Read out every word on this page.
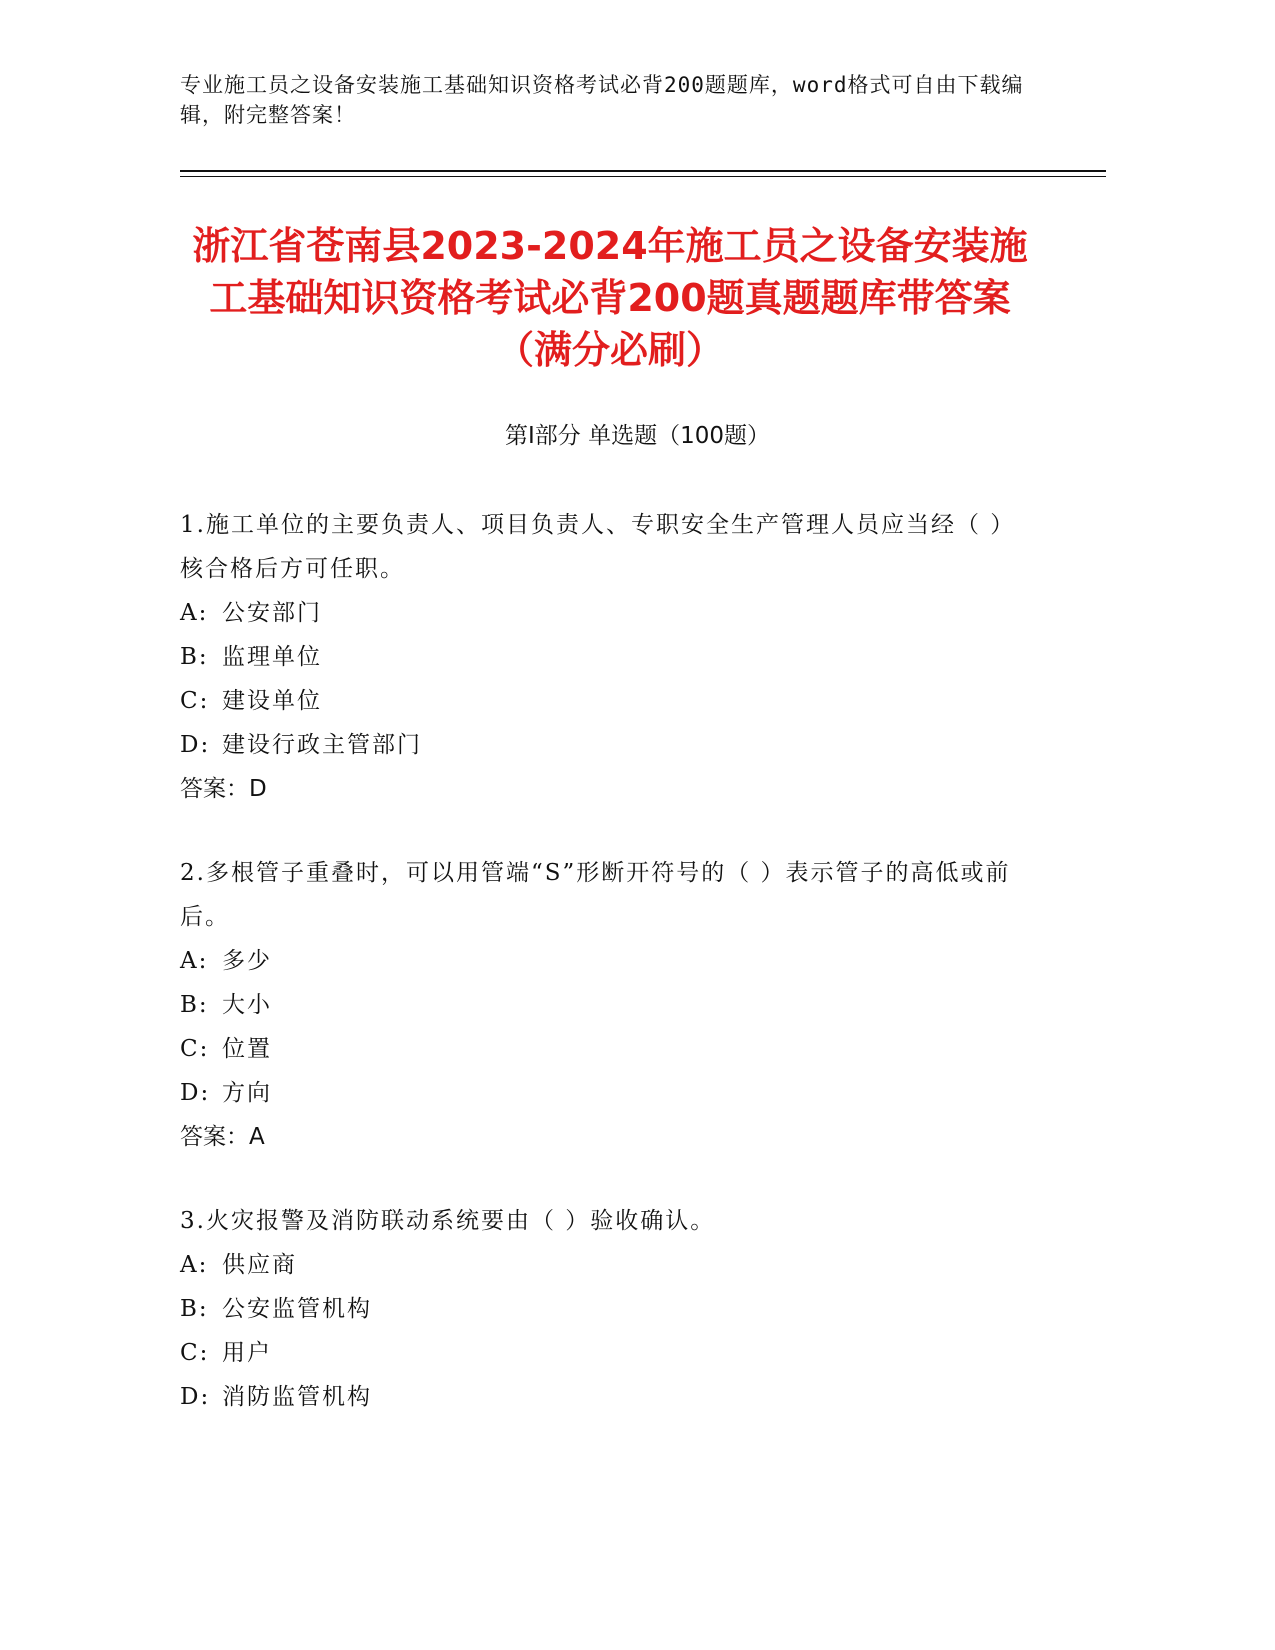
专业施工员之设备安装施工基础知识资格考试必背200题题库，word格式可自由下载编辑，附完整答案！
浙江省苍南县2023-2024年施工员之设备安装施工基础知识资格考试必背200题真题题库带答案（满分必刷）
第I部分 单选题（100题）

1.施工单位的主要负责人、项目负责人、专职安全生产管理人员应当经（ ）核合格后方可任职。

A: 公安部门
B: 监理单位
C: 建设单位
D: 建设行政主管部门

答案：D

2.多根管子重叠时，可以用管端“S”形断开符号的（ ）表示管子的高低或前后。

A: 多少
B: 大小
C: 位置
D: 方向

答案：A

3.火灾报警及消防联动系统要由（ ）验收确认。

A: 供应商
B: 公安监管机构
C: 用户
D: 消防监管机构
